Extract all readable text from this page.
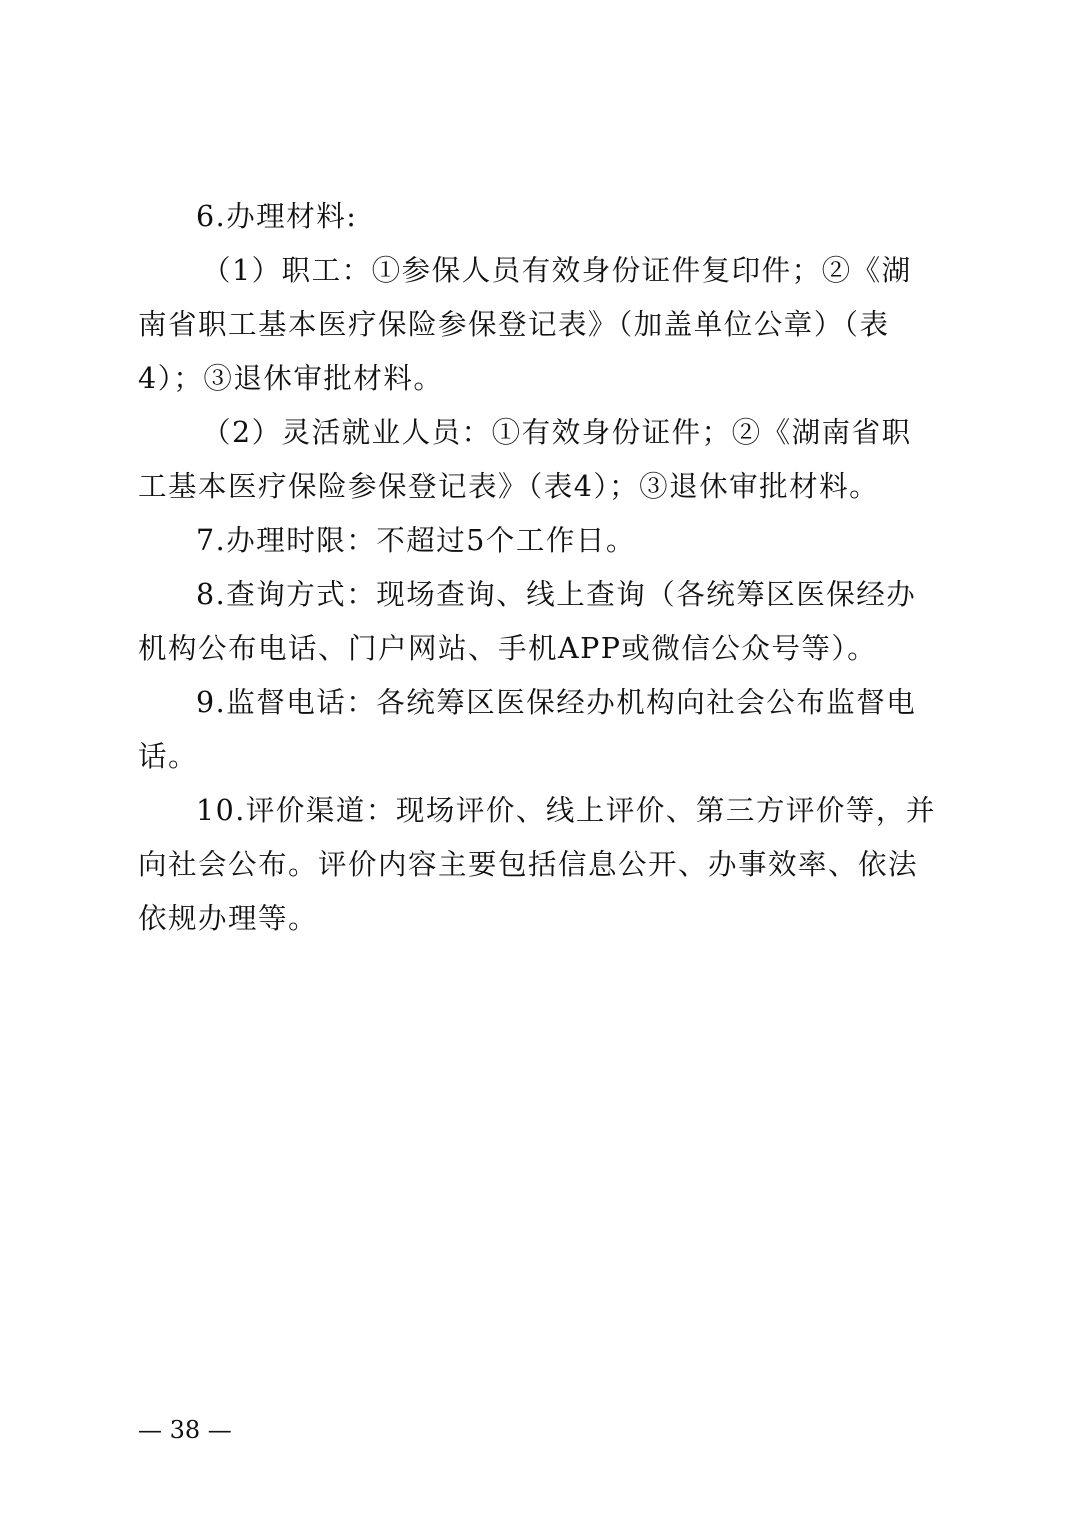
6.办理材料:

（1）职工：①参保人员有效身份证件复印件；②《湖南省职工基本医疗保险参保登记表》（加盖单位公章）（表4）；③退休审批材料。

（2）灵活就业人员：①有效身份证件；②《湖南省职工基本医疗保险参保登记表》（表4）；③退休审批材料。

7.办理时限：不超过5个工作日。

8.查询方式：现场查询、线上查询（各统筹区医保经办机构公布电话、门户网站、手机APP或微信公众号等）。

9.监督电话：各统筹区医保经办机构向社会公布监督电话。

10.评价渠道：现场评价、线上评价、第三方评价等，并向社会公布。评价内容主要包括信息公开、办事效率、依法依规办理等。

— 38 —
